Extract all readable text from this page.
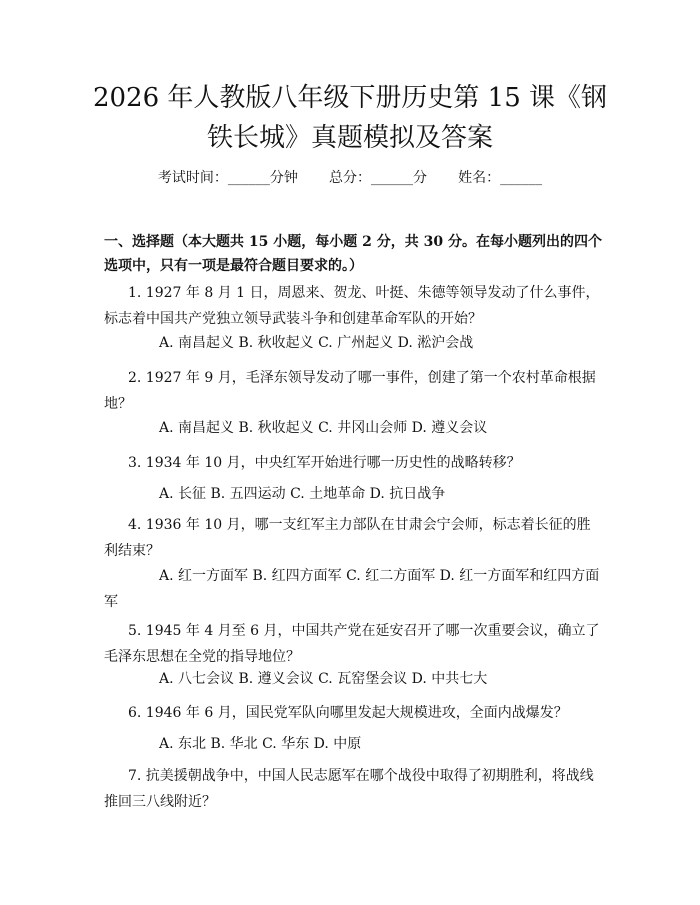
2026 年人教版八年级下册历史第 15 课《钢铁长城》真题模拟及答案
考试时间：______分钟 总分：______分 姓名：______

一、选择题（本大题共 15 小题，每小题 2 分，共 30 分。在每小题列出的四个选项中，只有一项是最符合题目要求的。）

1. 1927 年 8 月 1 日，周恩来、贺龙、叶挺、朱德等领导发动了什么事件，标志着中国共产党独立领导武装斗争和创建革命军队的开始？

A. 南昌起义 B. 秋收起义 C. 广州起义 D. 淞沪会战

2. 1927 年 9 月，毛泽东领导发动了哪一事件，创建了第一个农村革命根据地？

A. 南昌起义 B. 秋收起义 C. 井冈山会师 D. 遵义会议

3. 1934 年 10 月，中央红军开始进行哪一历史性的战略转移？

A. 长征 B. 五四运动 C. 土地革命 D. 抗日战争

4. 1936 年 10 月，哪一支红军主力部队在甘肃会宁会师，标志着长征的胜利结束？

A. 红一方面军 B. 红四方面军 C. 红二方面军 D. 红一方面军和红四方面军

5. 1945 年 4 月至 6 月，中国共产党在延安召开了哪一次重要会议，确立了毛泽东思想在全党的指导地位？

A. 八七会议 B. 遵义会议 C. 瓦窑堡会议 D. 中共七大

6. 1946 年 6 月，国民党军队向哪里发起大规模进攻，全面内战爆发？

A. 东北 B. 华北 C. 华东 D. 中原

7. 抗美援朝战争中，中国人民志愿军在哪个战役中取得了初期胜利，将战线推回三八线附近？
